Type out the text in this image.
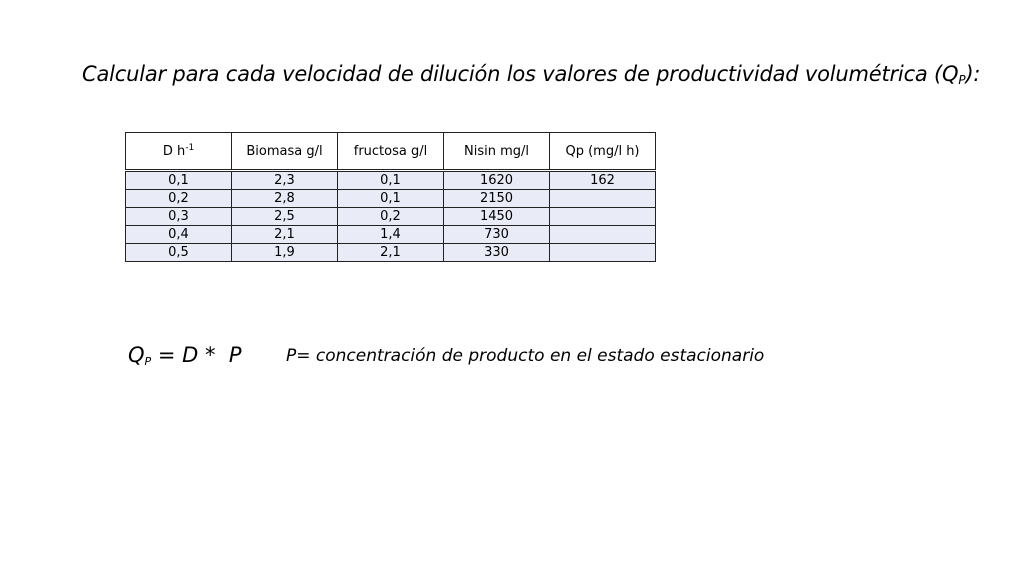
Calcular para cada velocidad de dilución los valores de productividad volumétrica $(Q_P)$:
D $h^{-1}$	Biomasa g/l	fructosa g/l	Nisin mg/l	Qp (mg/l h)
0,1	2,3	0,1	1620	162
0,2	2,8	0,1	2150	
0,3	2,5	0,2	1450	
0,4	2,1	1,4	730	
0,5	1,9	2,1	330	
$Q_P = D * P$	P= concentración de producto en el estado estacionario
